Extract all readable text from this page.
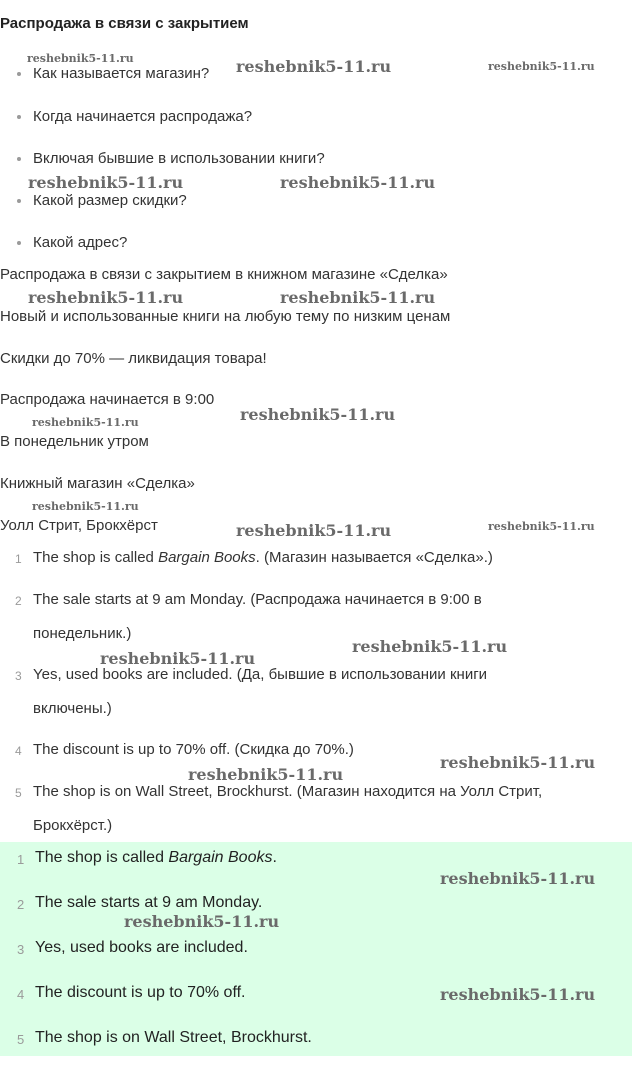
Распродажа в связи с закрытием
Как называется магазин?
Когда начинается распродажа?
Включая бывшие в использовании книги?
Какой размер скидки?
Какой адрес?
Распродажа в связи с закрытием в книжном магазине «Сделка»
Новый и использованные книги на любую тему по низким ценам
Скидки до 70% — ликвидация товара!
Распродажа начинается в 9:00
В понедельник утром
Книжный магазин «Сделка»
Уолл Стрит, Брокхёрст
1 The shop is called Bargain Books. (Магазин называется «Сделка».)
2 The sale starts at 9 am Monday. (Распродажа начинается в 9:00 в
понедельник.)
3 Yes, used books are included. (Да, бывшие в использовании книги
включены.)
4 The discount is up to 70% off. (Скидка до 70%.)
5 The shop is on Wall Street, Brockhurst. (Магазин находится на Уолл Стрит,
Брокхёрст.)
1 The shop is called Bargain Books.
2 The sale starts at 9 am Monday.
3 Yes, used books are included.
4 The discount is up to 70% off.
5 The shop is on Wall Street, Brockhurst.
reshebnik5-11.ru	reshebnik5-11.ru	reshebnik5-11.ru
reshebnik5-11.ru	reshebnik5-11.ru
reshebnik5-11.ru	reshebnik5-11.ru
reshebnik5-11.ru
reshebnik5-11.ru
reshebnik5-11.ru
reshebnik5-11.ru	reshebnik5-11.ru
reshebnik5-11.ru
reshebnik5-11.ru
reshebnik5-11.ru
reshebnik5-11.ru
reshebnik5-11.ru
reshebnik5-11.ru
reshebnik5-11.ru
